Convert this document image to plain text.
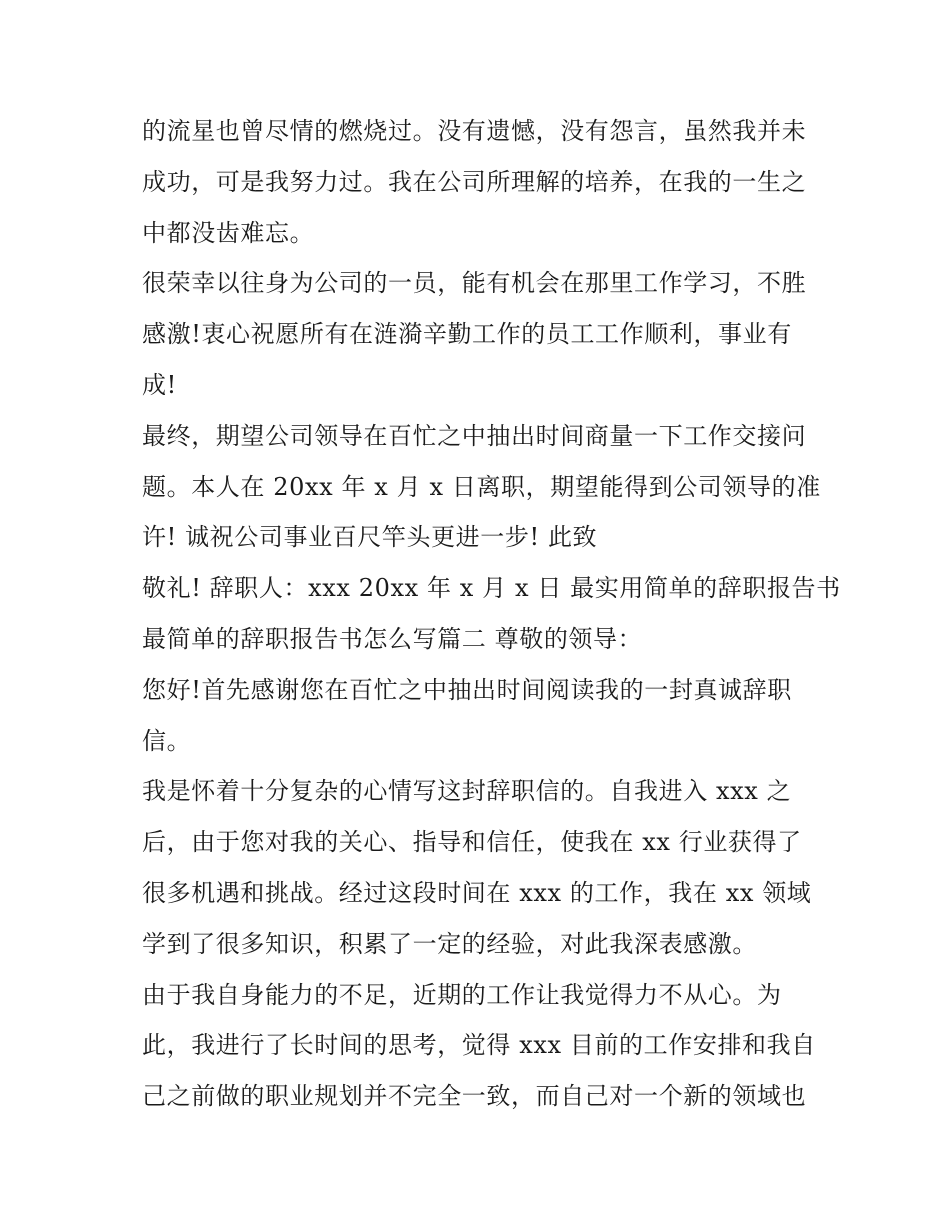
的流星也曾尽情的燃烧过。没有遗憾，没有怨言，虽然我并未
成功，可是我努力过。我在公司所理解的培养，在我的一生之
中都没齿难忘。
很荣幸以往身为公司的一员，能有机会在那里工作学习，不胜
感激!衷心祝愿所有在涟漪辛勤工作的员工工作顺利，事业有
成!
最终，期望公司领导在百忙之中抽出时间商量一下工作交接问
题。本人在 20xx 年 x 月 x 日离职，期望能得到公司领导的准
许! 诚祝公司事业百尺竿头更进一步! 此致
敬礼! 辞职人：xxx 20xx 年 x 月 x 日 最实用简单的辞职报告书
最简单的辞职报告书怎么写篇二 尊敬的领导：
您好!首先感谢您在百忙之中抽出时间阅读我的一封真诚辞职
信。
我是怀着十分复杂的心情写这封辞职信的。自我进入 xxx 之
后，由于您对我的关心、指导和信任，使我在 xx 行业获得了
很多机遇和挑战。经过这段时间在 xxx 的工作，我在 xx 领域
学到了很多知识，积累了一定的经验，对此我深表感激。
由于我自身能力的不足，近期的工作让我觉得力不从心。为
此，我进行了长时间的思考，觉得 xxx 目前的工作安排和我自
己之前做的职业规划并不完全一致，而自己对一个新的领域也
